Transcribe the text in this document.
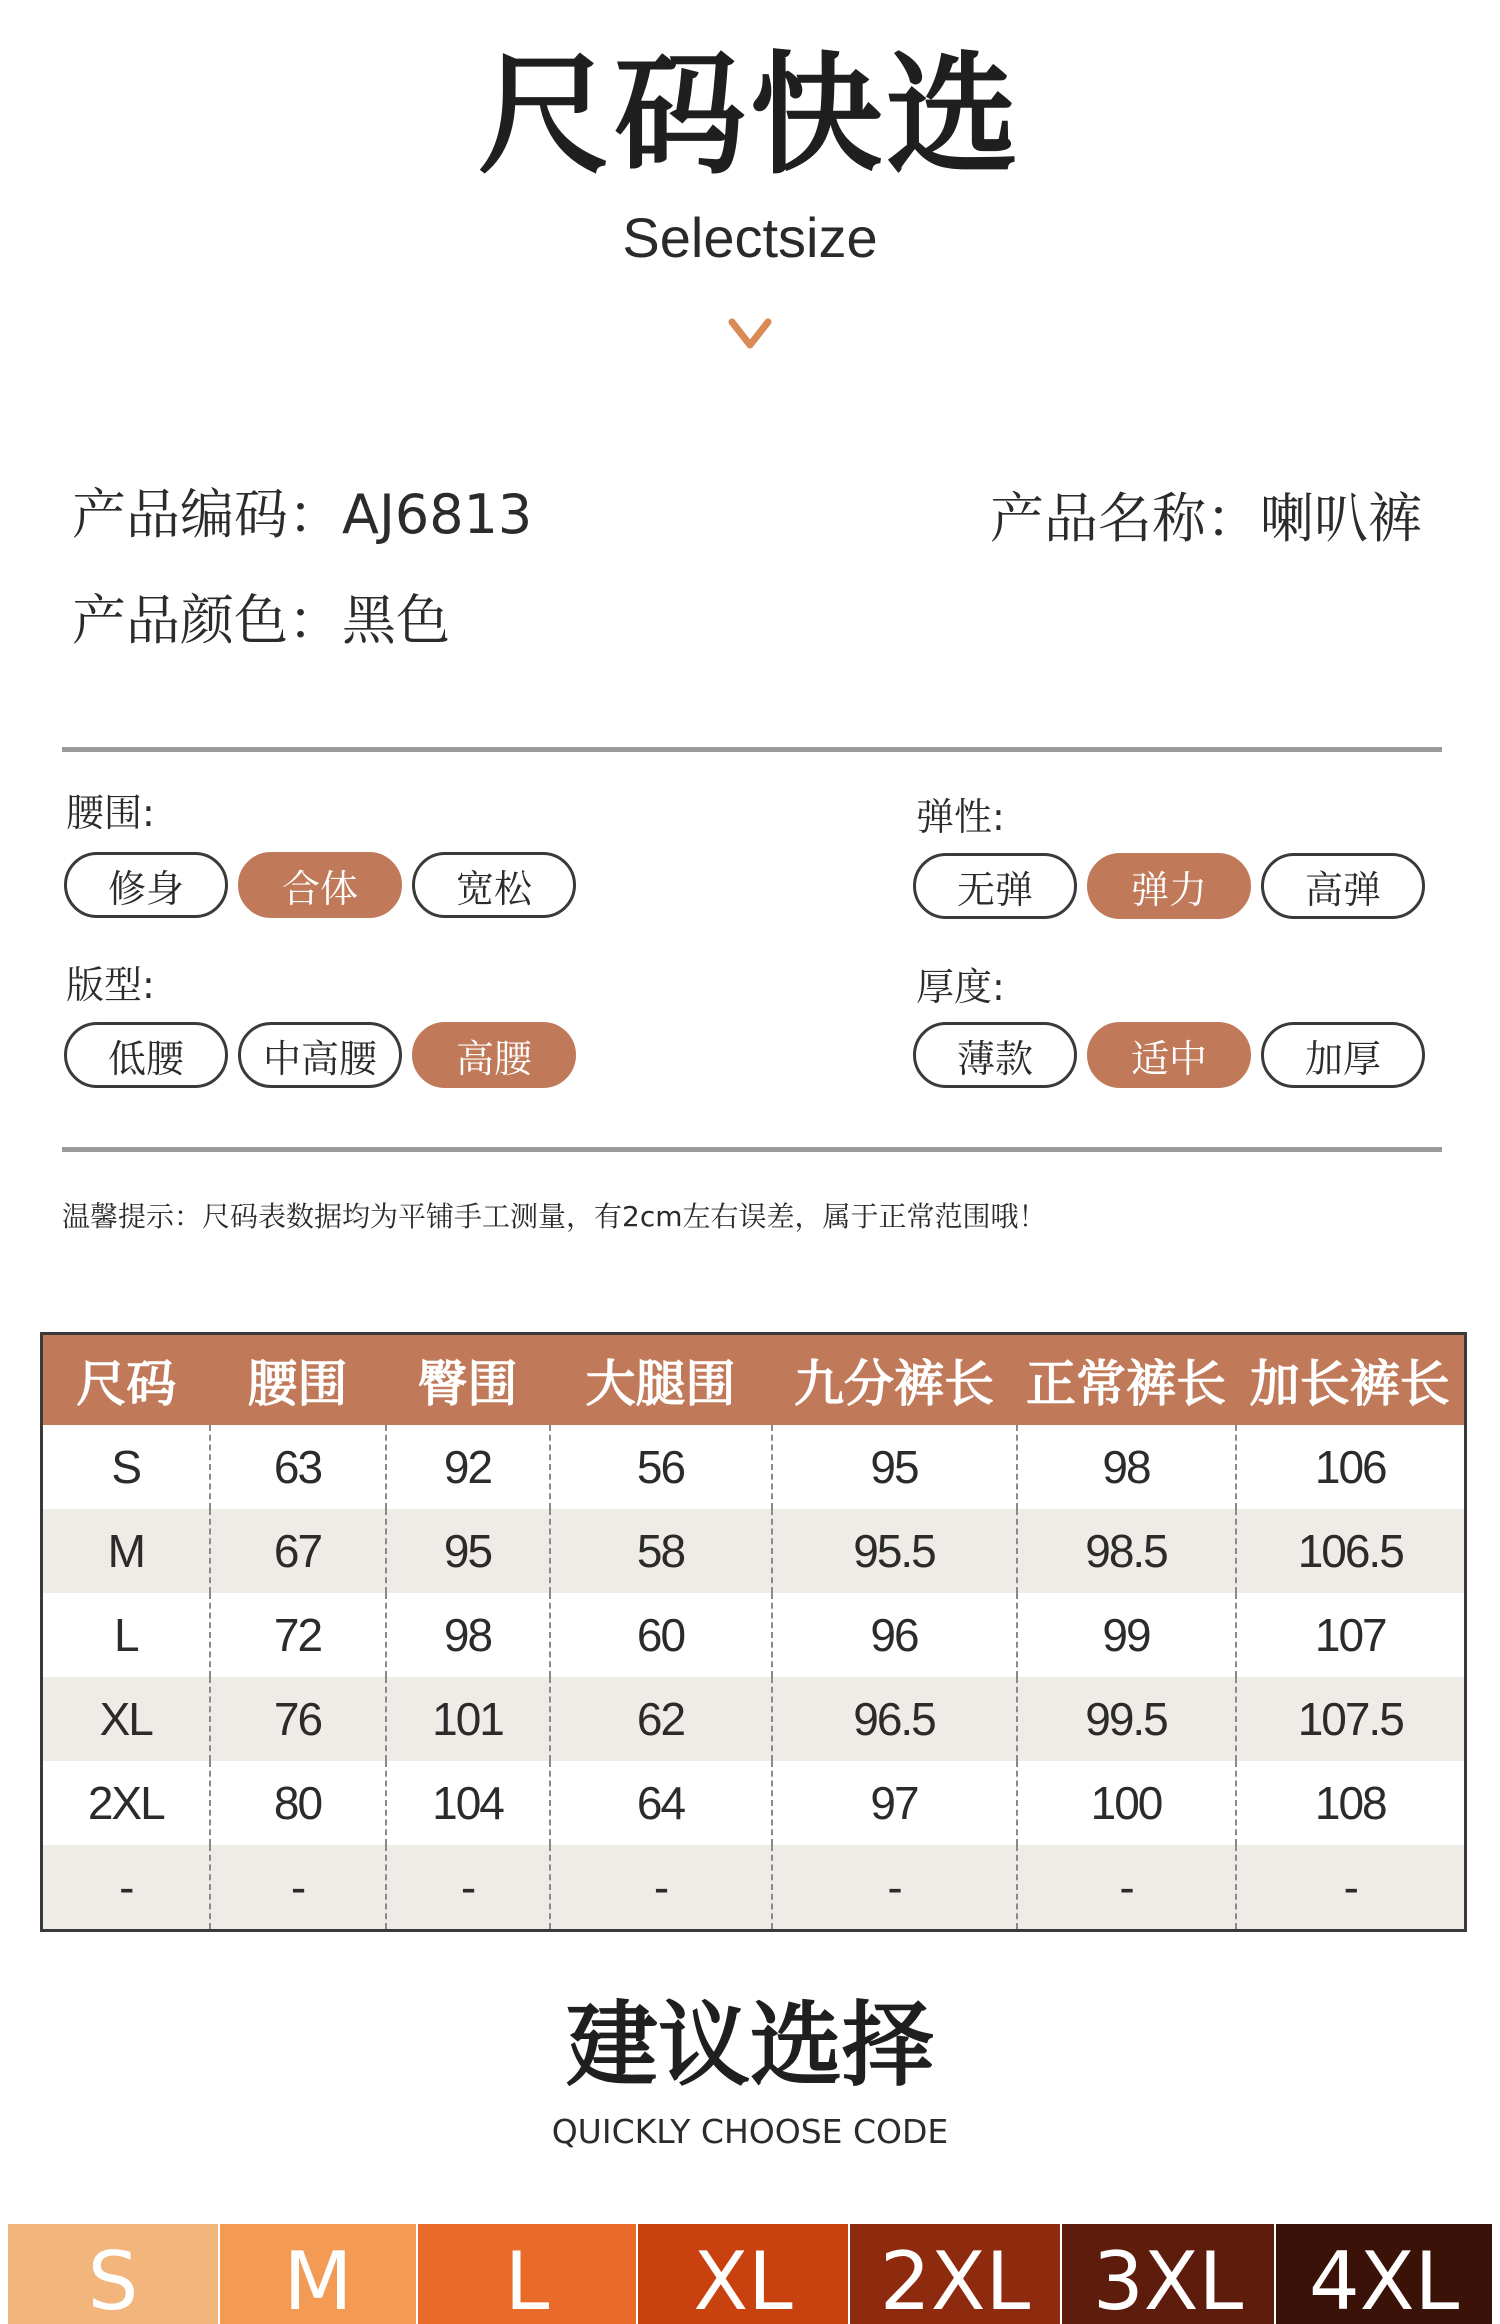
尺码快选
Selectsize
产品编码：AJ6813	产品名称：喇叭裤
产品颜色：黑色
腰围:
修身	合体	宽松
弹性:
无弹	弹力	高弹
版型:
低腰	中高腰	高腰
厚度:
薄款	适中	加厚
温馨提示：尺码表数据均为平铺手工测量，有2cm左右误差，属于正常范围哦！
尺码	腰围	臀围	大腿围	九分裤长	正常裤长	加长裤长
S	63	92	56	95	98	106
M	67	95	58	95.5	98.5	106.5
L	72	98	60	96	99	107
XL	76	101	62	96.5	99.5	107.5
2XL	80	104	64	97	100	108
-	-	-	-	-	-	-
建议选择
QUICKLY CHOOSE CODE
S	M	L	XL	2XL 3XL 4XL
